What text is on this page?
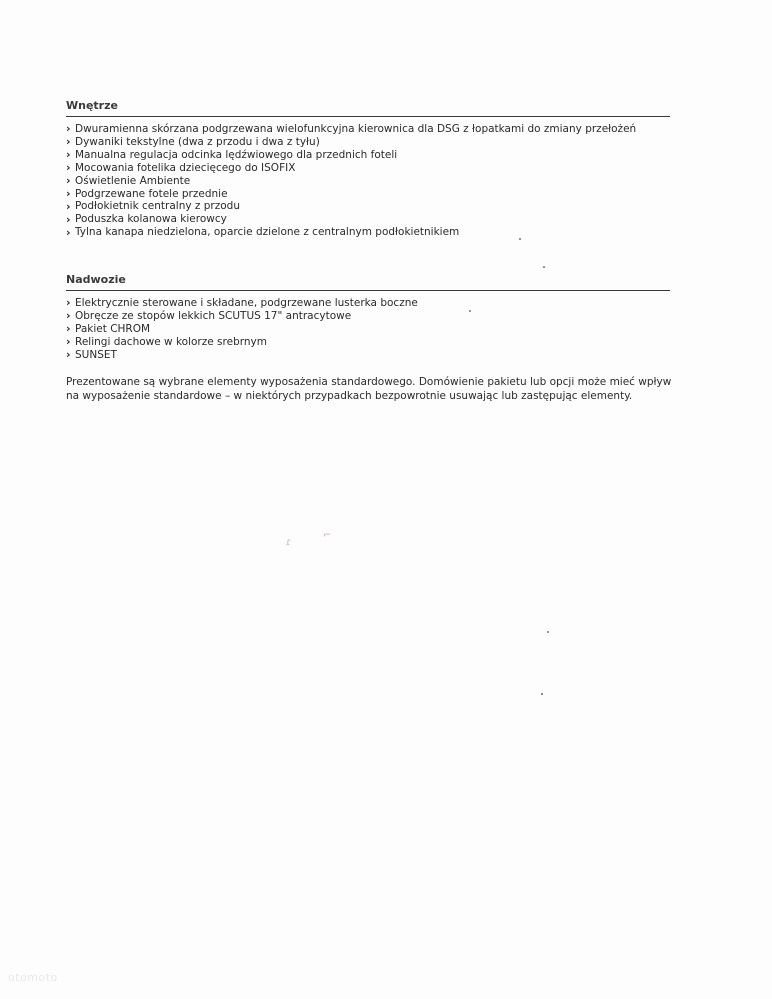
Wnętrze
› Dwuramienna skórzana podgrzewana wielofunkcyjna kierownica dla DSG z łopatkami do zmiany przełożeń
› Dywaniki tekstylne (dwa z przodu i dwa z tyłu)
› Manualna regulacja odcinka lędźwiowego dla przednich foteli
› Mocowania fotelika dziecięcego do ISOFIX
› Oświetlenie Ambiente
› Podgrzewane fotele przednie
› Podłokietnik centralny z przodu
› Poduszka kolanowa kierowcy
› Tylna kanapa niedzielona, oparcie dzielone z centralnym podłokietnikiem
Nadwozie
› Elektrycznie sterowane i składane, podgrzewane lusterka boczne
› Obręcze ze stopów lekkich SCUTUS 17" antracytowe
› Pakiet CHROM
› Relingi dachowe w kolorze srebrnym
› SUNSET

Prezentowane są wybrane elementy wyposażenia standardowego. Domówienie pakietu lub opcji może mieć wpływ na wyposażenie standardowe – w niektórych przypadkach bezpowrotnie usuwając lub zastępując elementy.

ɾ
⌐
otomoto
